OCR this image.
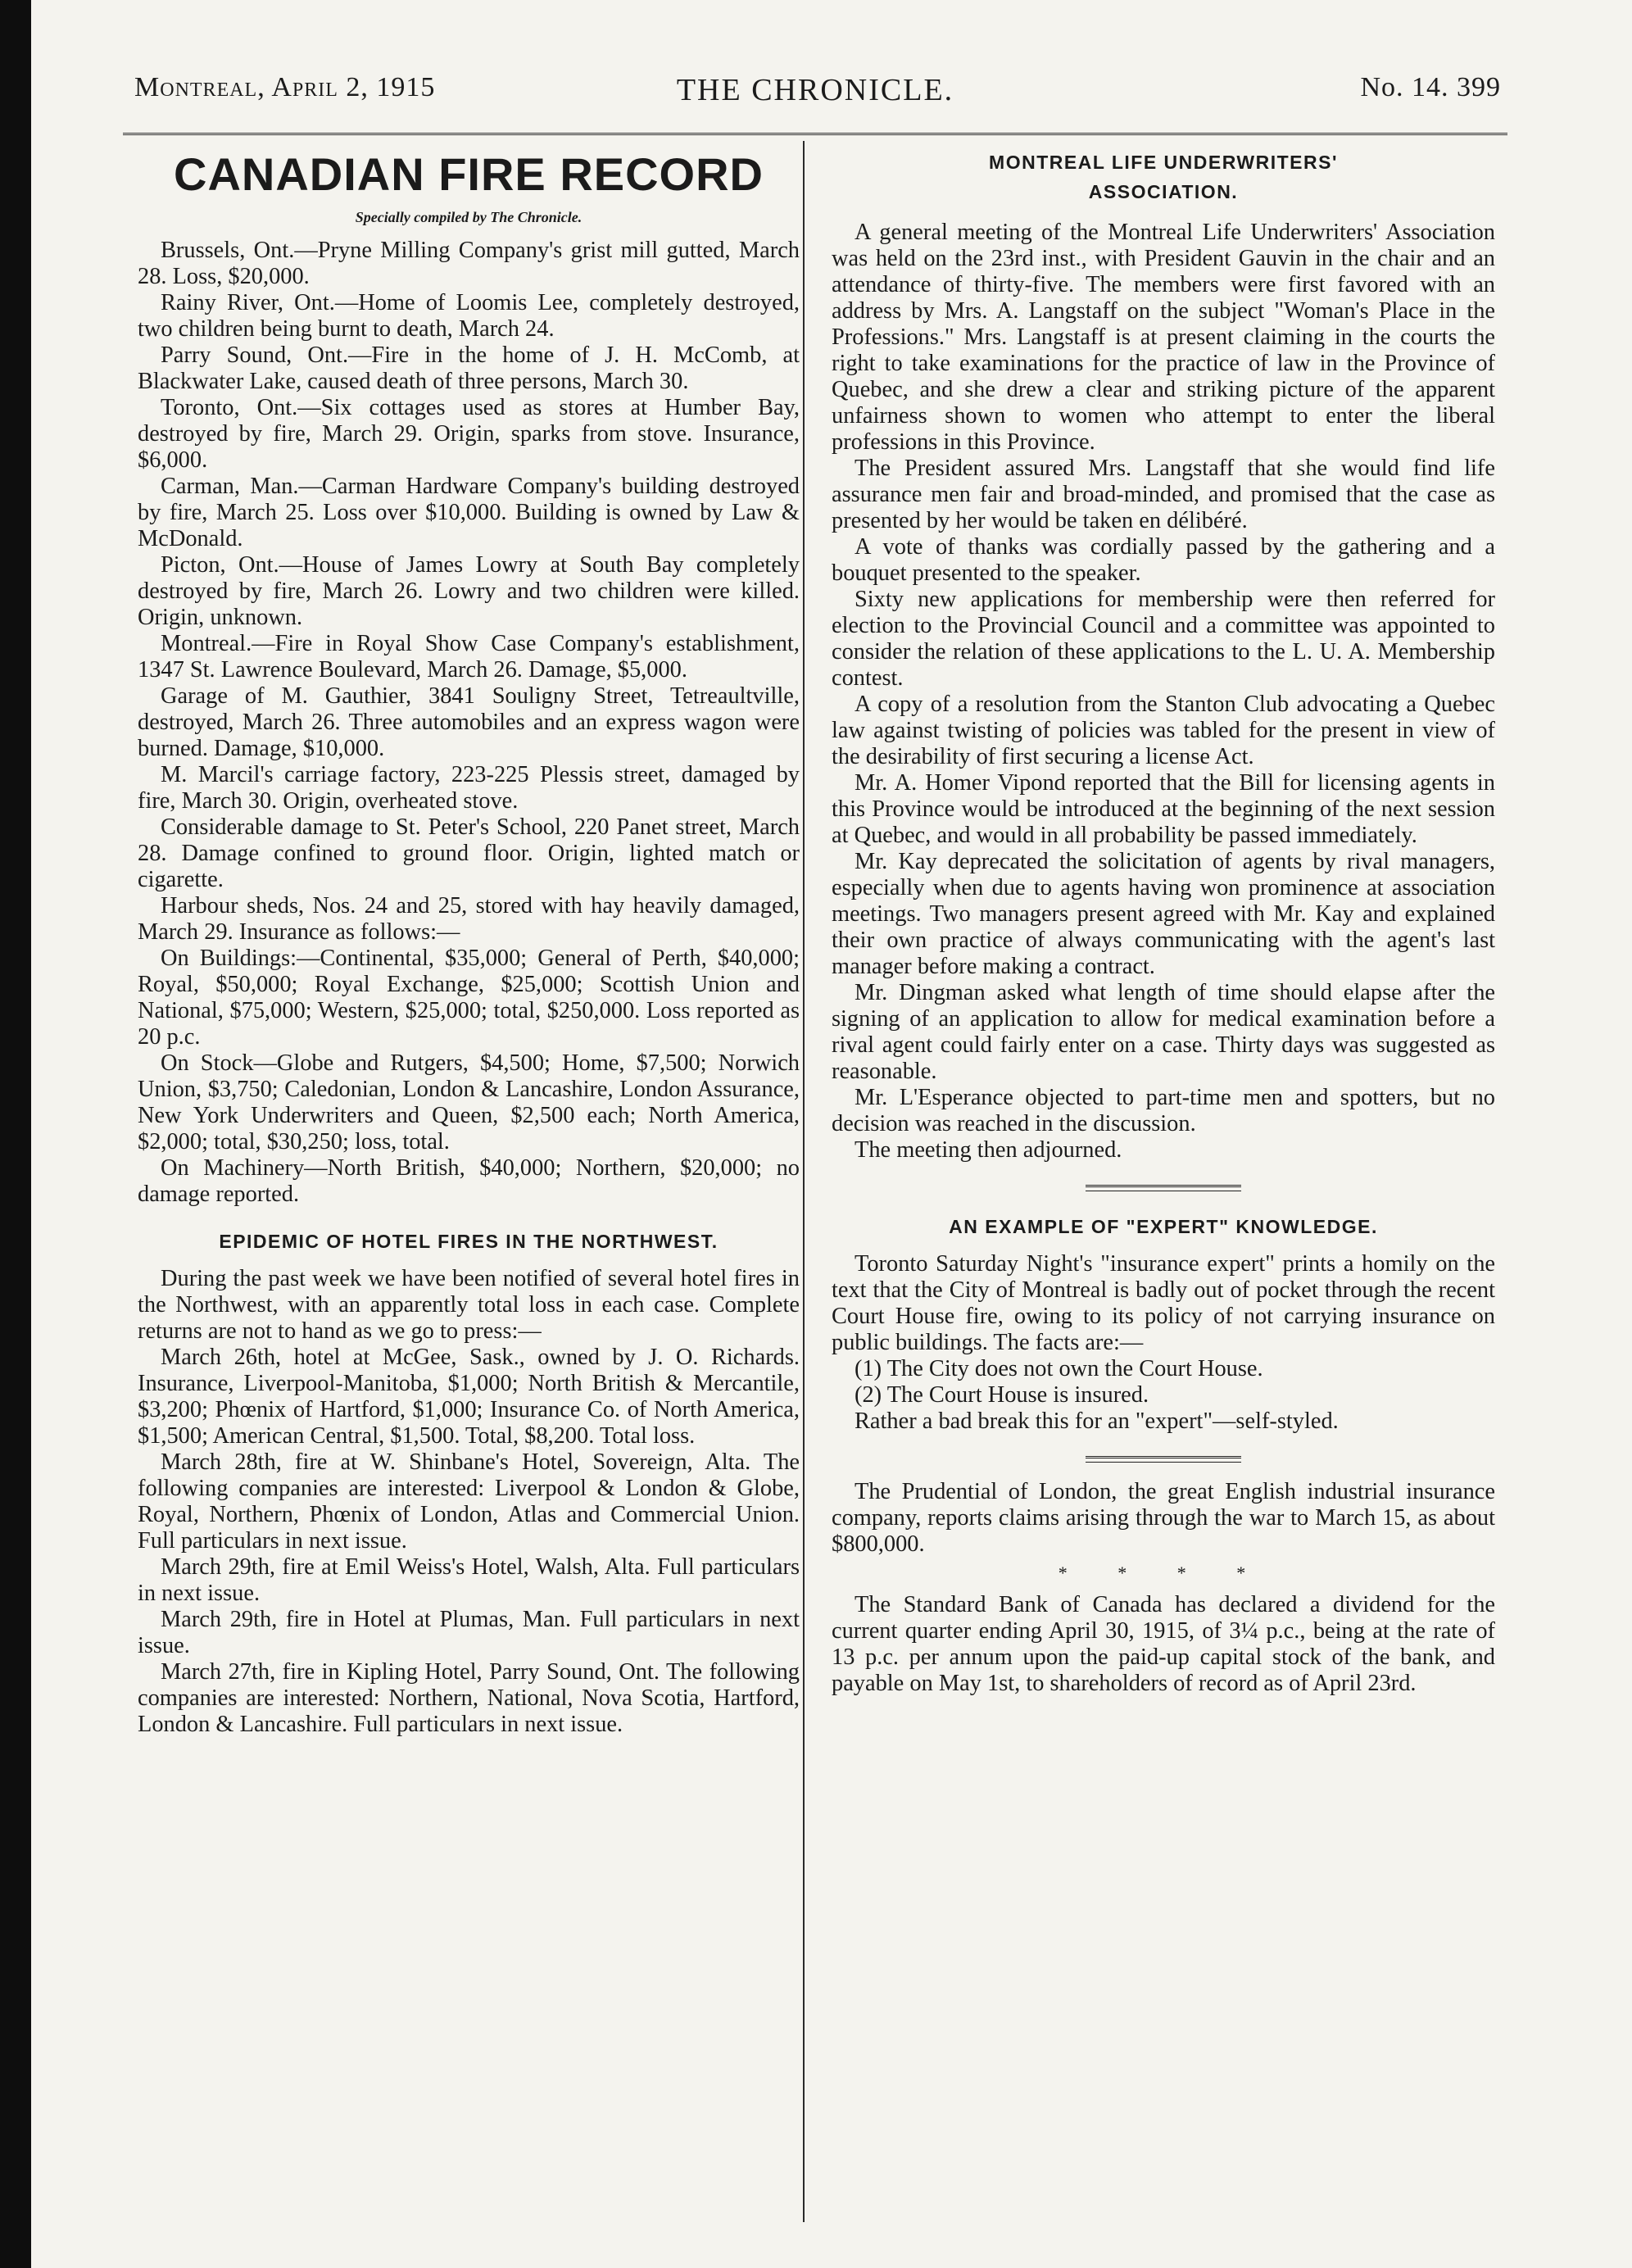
Montreal, April 2, 1915	THE CHRONICLE.	No. 14. 399
CANADIAN FIRE RECORD
Specially compiled by The Chronicle.

Brussels, Ont.—Pryne Milling Company's grist mill gutted, March 28. Loss, $20,000.

Rainy River, Ont.—Home of Loomis Lee, completely destroyed, two children being burnt to death, March 24.

Parry Sound, Ont.—Fire in the home of J. H. McComb, at Blackwater Lake, caused death of three persons, March 30.

Toronto, Ont.—Six cottages used as stores at Humber Bay, destroyed by fire, March 29. Origin, sparks from stove. Insurance, $6,000.

Carman, Man.—Carman Hardware Company's building destroyed by fire, March 25. Loss over $10,000. Building is owned by Law & McDonald.

Picton, Ont.—House of James Lowry at South Bay completely destroyed by fire, March 26. Lowry and two children were killed. Origin, unknown.

Montreal.—Fire in Royal Show Case Company's establishment, 1347 St. Lawrence Boulevard, March 26. Damage, $5,000.

Garage of M. Gauthier, 3841 Souligny Street, Tetreaultville, destroyed, March 26. Three automobiles and an express wagon were burned. Damage, $10,000.

M. Marcil's carriage factory, 223-225 Plessis street, damaged by fire, March 30. Origin, overheated stove.

Considerable damage to St. Peter's School, 220 Panet street, March 28. Damage confined to ground floor. Origin, lighted match or cigarette.

Harbour sheds, Nos. 24 and 25, stored with hay heavily damaged, March 29. Insurance as follows:—

On Buildings:—Continental, $35,000; General of Perth, $40,000; Royal, $50,000; Royal Exchange, $25,000; Scottish Union and National, $75,000; Western, $25,000; total, $250,000. Loss reported as 20 p.c.

On Stock—Globe and Rutgers, $4,500; Home, $7,500; Norwich Union, $3,750; Caledonian, London & Lancashire, London Assurance, New York Underwriters and Queen, $2,500 each; North America, $2,000; total, $30,250; loss, total.

On Machinery—North British, $40,000; Northern, $20,000; no damage reported.

EPIDEMIC OF HOTEL FIRES IN THE NORTHWEST.

During the past week we have been notified of several hotel fires in the Northwest, with an apparently total loss in each case. Complete returns are not to hand as we go to press:—

March 26th, hotel at McGee, Sask., owned by J. O. Richards. Insurance, Liverpool-Manitoba, $1,000; North British & Mercantile, $3,200; Phœnix of Hartford, $1,000; Insurance Co. of North America, $1,500; American Central, $1,500. Total, $8,200. Total loss.

March 28th, fire at W. Shinbane's Hotel, Sovereign, Alta. The following companies are interested: Liverpool & London & Globe, Royal, Northern, Phœnix of London, Atlas and Commercial Union. Full particulars in next issue.

March 29th, fire at Emil Weiss's Hotel, Walsh, Alta. Full particulars in next issue.

March 29th, fire in Hotel at Plumas, Man. Full particulars in next issue.

March 27th, fire in Kipling Hotel, Parry Sound, Ont. The following companies are interested: Northern, National, Nova Scotia, Hartford, London & Lancashire. Full particulars in next issue.

MONTREAL LIFE UNDERWRITERS'
ASSOCIATION.

A general meeting of the Montreal Life Underwriters' Association was held on the 23rd inst., with President Gauvin in the chair and an attendance of thirty-five. The members were first favored with an address by Mrs. A. Langstaff on the subject "Woman's Place in the Professions." Mrs. Langstaff is at present claiming in the courts the right to take examinations for the practice of law in the Province of Quebec, and she drew a clear and striking picture of the apparent unfairness shown to women who attempt to enter the liberal professions in this Province.

The President assured Mrs. Langstaff that she would find life assurance men fair and broad-minded, and promised that the case as presented by her would be taken en délibéré.

A vote of thanks was cordially passed by the gathering and a bouquet presented to the speaker.

Sixty new applications for membership were then referred for election to the Provincial Council and a committee was appointed to consider the relation of these applications to the L. U. A. Membership contest.

A copy of a resolution from the Stanton Club advocating a Quebec law against twisting of policies was tabled for the present in view of the desirability of first securing a license Act.

Mr. A. Homer Vipond reported that the Bill for licensing agents in this Province would be introduced at the beginning of the next session at Quebec, and would in all probability be passed immediately.

Mr. Kay deprecated the solicitation of agents by rival managers, especially when due to agents having won prominence at association meetings. Two managers present agreed with Mr. Kay and explained their own practice of always communicating with the agent's last manager before making a contract.

Mr. Dingman asked what length of time should elapse after the signing of an application to allow for medical examination before a rival agent could fairly enter on a case. Thirty days was suggested as reasonable.

Mr. L'Esperance objected to part-time men and spotters, but no decision was reached in the discussion.

The meeting then adjourned.

AN EXAMPLE OF "EXPERT" KNOWLEDGE.

Toronto Saturday Night's "insurance expert" prints a homily on the text that the City of Montreal is badly out of pocket through the recent Court House fire, owing to its policy of not carrying insurance on public buildings. The facts are:—

(1) The City does not own the Court House.

(2) The Court House is insured.

Rather a bad break this for an "expert"—self-styled.

The Prudential of London, the great English industrial insurance company, reports claims arising through the war to March 15, as about $800,000.

* * * *

The Standard Bank of Canada has declared a dividend for the current quarter ending April 30, 1915, of 3¼ p.c., being at the rate of 13 p.c. per annum upon the paid-up capital stock of the bank, and payable on May 1st, to shareholders of record as of April 23rd.
